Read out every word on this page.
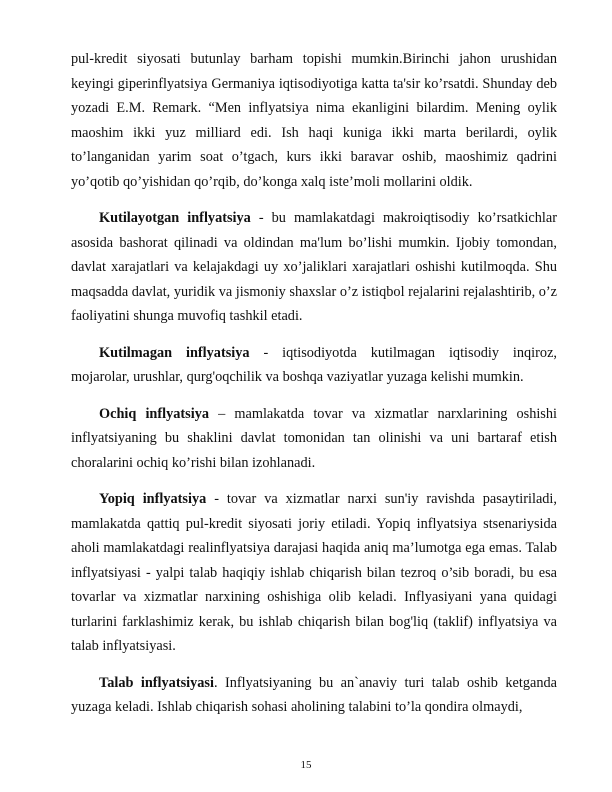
pul-kredit siyosati butunlay barham topishi mumkin.Birinchi jahon urushidan keyingi giperinflyatsiya Germaniya iqtisodiyotiga katta ta'sir ko’rsatdi. Shunday deb yozadi E.M. Remark. “Men inflyatsiya nima ekanligini bilardim. Mening oylik maoshim ikki yuz milliard edi. Ish haqi kuniga ikki marta berilardi, oylik to’langanidan yarim soat o’tgach, kurs ikki baravar oshib, maoshimiz qadrini yo’qotib qo’yishidan qo’rqib, do’konga xalq iste’moli mollarini oldik.

Kutilayotgan inflyatsiya - bu mamlakatdagi makroiqtisodiy ko’rsatkichlar asosida bashorat qilinadi va oldindan ma'lum bo’lishi mumkin. Ijobiy tomondan, davlat xarajatlari va kelajakdagi uy xo’jaliklari xarajatlari oshishi kutilmoqda. Shu maqsadda davlat, yuridik va jismoniy shaxslar o’z istiqbol rejalarini rejalashtirib, o’z faoliyatini shunga muvofiq tashkil etadi.

Kutilmagan inflyatsiya - iqtisodiyotda kutilmagan iqtisodiy inqiroz, mojarolar, urushlar, qurg'oqchilik va boshqa vaziyatlar yuzaga kelishi mumkin.

Ochiq inflyatsiya – mamlakatda tovar va xizmatlar narxlarining oshishi inflyatsiyaning bu shaklini davlat tomonidan tan olinishi va uni bartaraf etish choralarini ochiq ko’rishi bilan izohlanadi.

Yopiq inflyatsiya - tovar va xizmatlar narxi sun'iy ravishda pasaytiriladi, mamlakatda qattiq pul-kredit siyosati joriy etiladi. Yopiq inflyatsiya stsenariysida aholi mamlakatdagi realinflyatsiya darajasi haqida aniq ma’lumotga ega emas. Talab inflyatsiyasi - yalpi talab haqiqiy ishlab chiqarish bilan tezroq o’sib boradi, bu esa tovarlar va xizmatlar narxining oshishiga olib keladi. Inflyasiyani yana quidagi turlarini farklashimiz kerak, bu ishlab chiqarish bilan bog'liq (taklif) inflyatsiya va talab inflyatsiyasi.

Talab inflyatsiyasi. Inflyatsiyaning bu an`anaviy turi talab oshib ketganda yuzaga keladi. Ishlab chiqarish sohasi aholining talabini to’la qondira olmaydi,

15
